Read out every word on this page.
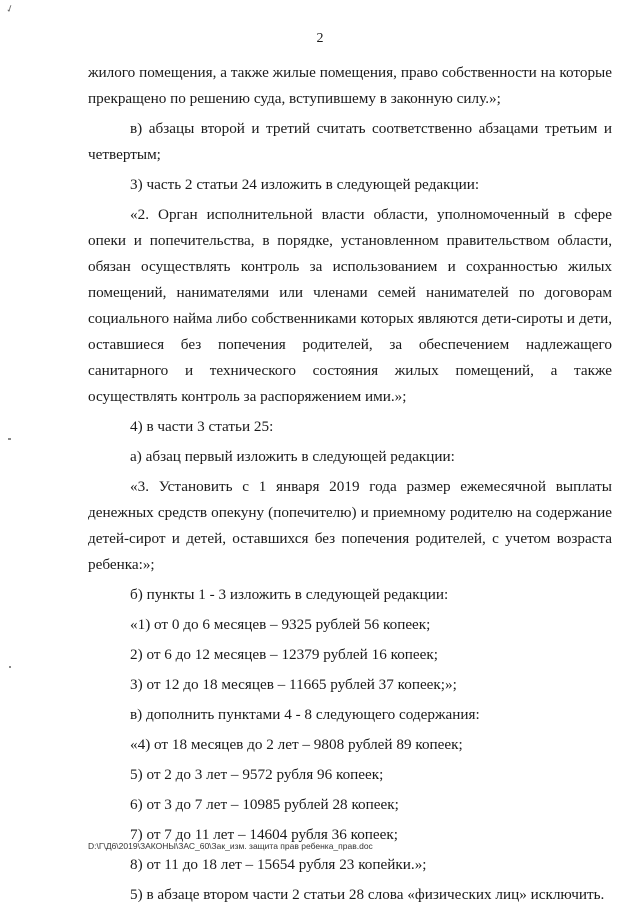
✓
2

жилого помещения, а также жилые помещения, право собственности на которые прекращено по решению суда, вступившему в законную силу.»;

в) абзацы второй и третий считать соответственно абзацами третьим и четвертым;

3) часть 2 статьи 24 изложить в следующей редакции:

«2. Орган исполнительной власти области, уполномоченный в сфере опеки и попечительства, в порядке, установленном правительством области, обязан осуществлять контроль за использованием и сохранностью жилых помещений, нанимателями или членами семей нанимателей по договорам социального найма либо собственниками которых являются дети-сироты и дети, оставшиеся без попечения родителей, за обеспечением надлежащего санитарного и технического состояния жилых помещений, а также осуществлять контроль за распоряжением ими.»;

4) в части 3 статьи 25:

а) абзац первый изложить в следующей редакции:

«3. Установить с 1 января 2019 года размер ежемесячной выплаты денежных средств опекуну (попечителю) и приемному родителю на содержание детей-сирот и детей, оставшихся без попечения родителей, с учетом возраста ребенка:»;

б) пункты 1 - 3 изложить в следующей редакции:

«1) от 0 до 6 месяцев – 9325 рублей 56 копеек;

2) от 6 до 12 месяцев – 12379 рублей 16 копеек;

3) от 12 до 18 месяцев – 11665 рублей 37 копеек;»;

в) дополнить пунктами 4 - 8 следующего содержания:

«4) от 18 месяцев до 2 лет – 9808 рублей 89 копеек;

5) от 2 до 3 лет – 9572 рубля 96 копеек;

6) от 3 до 7 лет – 10985 рублей 28 копеек;

7) от 7 до 11 лет – 14604 рубля 36 копеек;

8) от 11 до 18 лет – 15654 рубля 23 копейки.»;

5) в абзаце втором части 2 статьи 28 слова «физических лиц» исключить.

D:\Г\Д6\2019\ЗАКОНЫ\ЗАС_60\Зак_изм. защита прав ребенка_прав.doc
